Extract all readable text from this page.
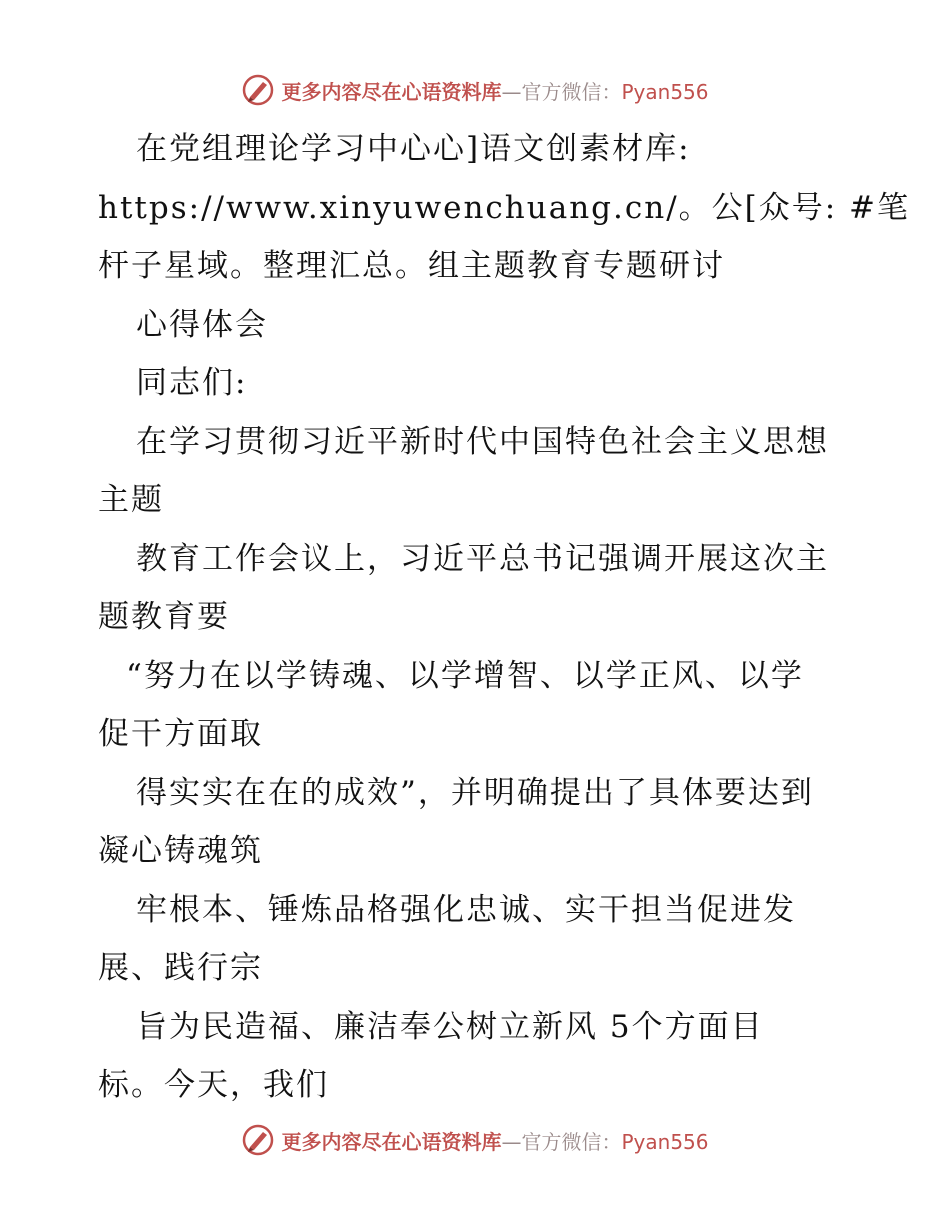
更多内容尽在心语资料库—官方微信：Pyan556
在党组理论学习中心心]语文创素材库:
https://www.xinyuwenchuang.cn/。公[众号: #笔
杆子星域。整理汇总。组主题教育专题研讨
心得体会
同志们:
在学习贯彻习近平新时代中国特色社会主义思想
主题
教育工作会议上，习近平总书记强调开展这次主
题教育要
“努力在以学铸魂、以学增智、以学正风、以学
促干方面取
得实实在在的成效”，并明确提出了具体要达到
凝心铸魂筑
牢根本、锤炼品格强化忠诚、实干担当促进发
展、践行宗
旨为民造福、廉洁奉公树立新风 5个方面目
标。今天，我们
更多内容尽在心语资料库—官方微信：Pyan556
